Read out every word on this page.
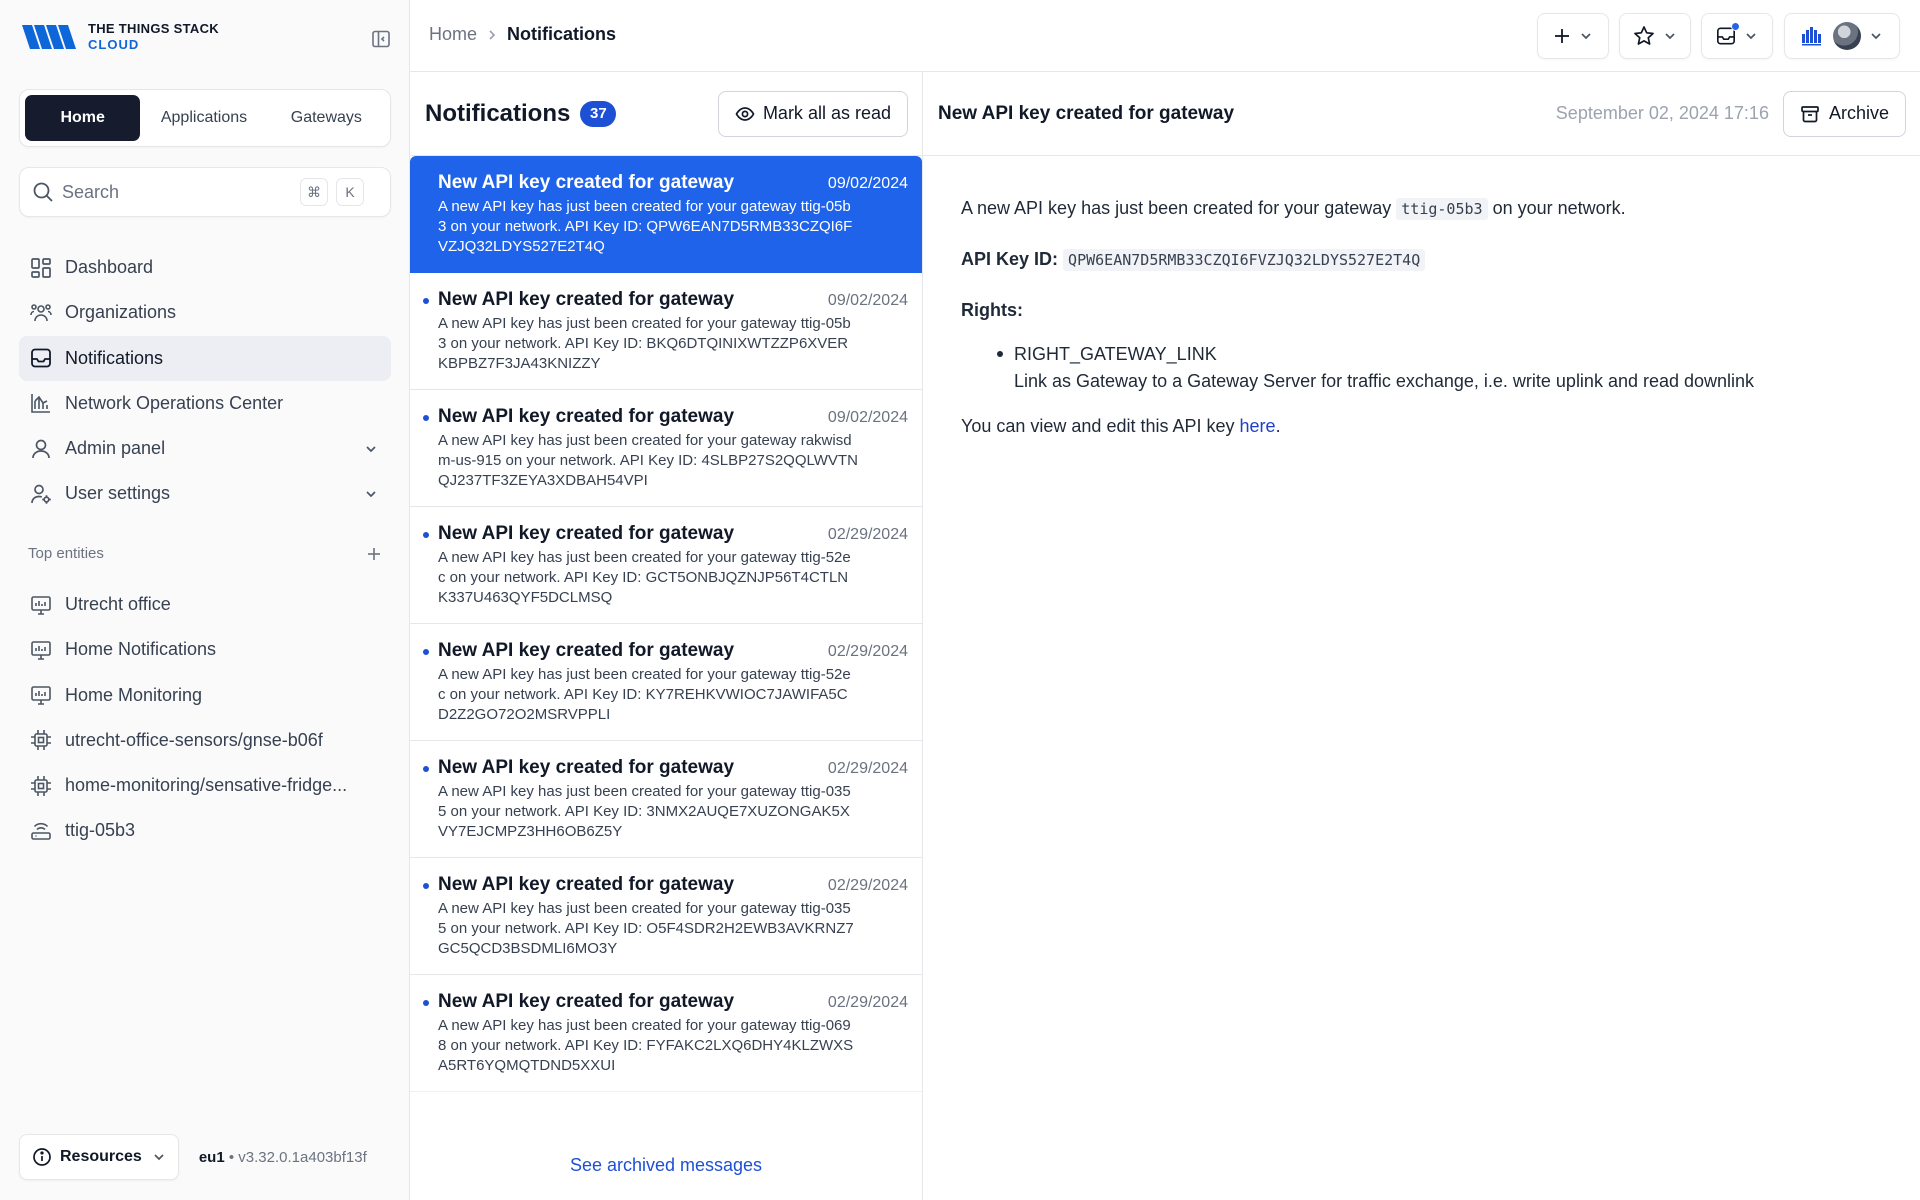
THE THINGS STACK
CLOUD
Home	Applications	Gateways
Search
⌘	K
Dashboard
Organizations
Notifications
Network Operations Center
Admin panel
User settings
Top entities
Utrecht office
Home Notifications
Home Monitoring
utrecht-office-sensors/gnse-b06f
home-monitoring/sensative-fridge...
ttig-05b3
Resources	eu1 • v3.32.0.1a403bf13f
Home Notifications
Notifications	37	Mark all as read
New API key created for gateway	09/02/2024
A new API key has just been created for your gateway ttig-05b3 on your network. API Key ID: QPW6EAN7D5RMB33CZQI6FVZJQ32LDYS527E2T4Q
New API key created for gateway	09/02/2024
A new API key has just been created for your gateway ttig-05b3 on your network. API Key ID: BKQ6DTQINIXWTZZP6XVERKBPBZ7F3JA43KNIZZY
New API key created for gateway	09/02/2024
A new API key has just been created for your gateway rakwisdm-us-915 on your network. API Key ID: 4SLBP27S2QQLWVTNQJ237TF3ZEYA3XDBAH54VPI
New API key created for gateway	02/29/2024
A new API key has just been created for your gateway ttig-52ec on your network. API Key ID: GCT5ONBJQZNJP56T4CTLNK337U463QYF5DCLMSQ
New API key created for gateway	02/29/2024
A new API key has just been created for your gateway ttig-52ec on your network. API Key ID: KY7REHKVWIOC7JAWIFA5CD2Z2GO72O2MSRVPPLI
New API key created for gateway	02/29/2024
A new API key has just been created for your gateway ttig-0355 on your network. API Key ID: 3NMX2AUQE7XUZONGAK5XVY7EJCMPZ3HH6OB6Z5Y
New API key created for gateway	02/29/2024
A new API key has just been created for your gateway ttig-0355 on your network. API Key ID: O5F4SDR2H2EWB3AVKRNZ7GC5QCD3BSDMLI6MO3Y
New API key created for gateway	02/29/2024
A new API key has just been created for your gateway ttig-0698 on your network. API Key ID: FYFAKC2LXQ6DHY4KLZWXSA5RT6YQMQTDND5XXUI
See archived messages
New API key created for gateway	September 02, 2024 17:16	Archive

A new API key has just been created for your gateway ttig-05b3 on your network.

API Key ID: QPW6EAN7D5RMB33CZQI6FVZJQ32LDYS527E2T4Q

Rights:

RIGHT_GATEWAY_LINK
Link as Gateway to a Gateway Server for traffic exchange, i.e. write uplink and read downlink

You can view and edit this API key here.
